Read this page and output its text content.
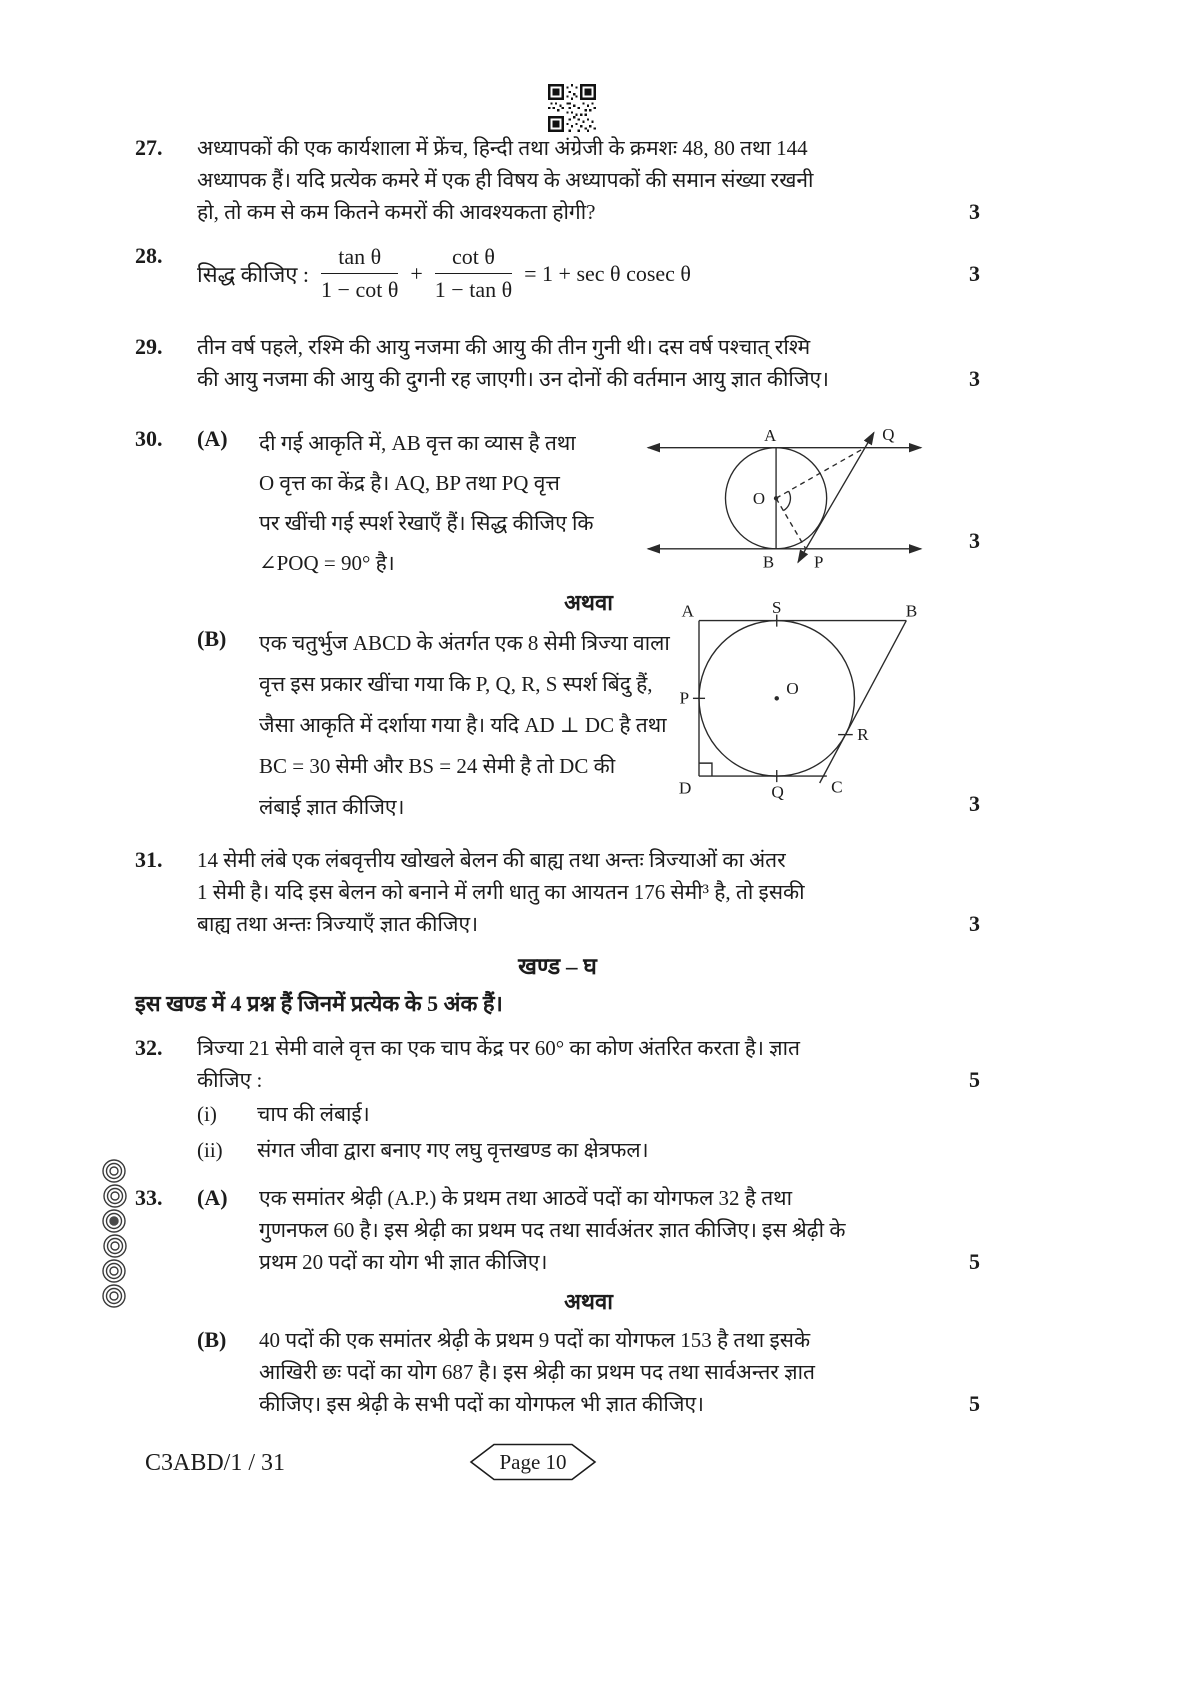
27.	अध्यापकों की एक कार्यशाला में फ्रेंच, हिन्दी तथा अंग्रेजी के क्रमशः 48, 80 तथा 144
अध्यापक हैं। यदि प्रत्येक कमरे में एक ही विषय के अध्यापकों की समान संख्या रखनी
हो, तो कम से कम कितने कमरों की आवश्यकता होगी?	3
28.
सिद्ध कीजिए : $\frac{\text{tan θ}}{\text{1 − cot θ}} + \frac{\text{cot θ}}{\text{1 − tan θ}} = 1 + \sec \theta$ cosec θ	3
29.	तीन वर्ष पहले, रश्मि की आयु नजमा की आयु की तीन गुनी थी। दस वर्ष पश्चात् रश्मि
की आयु नजमा की आयु की दुगनी रह जाएगी। उन दोनों की वर्तमान आयु ज्ञात कीजिए।	3
30.	(A)	दी गई आकृति में, AB वृत्त का व्यास है तथा
O वृत्त का केंद्र है। AQ, BP तथा PQ वृत्त
पर खींची गई स्पर्श रेखाएँ हैं। सिद्ध कीजिए कि
∠POQ = 90° है।
A	Q
O
B P
3
अथवा
(B)	एक चतुर्भुज ABCD के अंतर्गत एक 8 सेमी त्रिज्या वाला
वृत्त इस प्रकार खींचा गया कि P, Q, R, S स्पर्श बिंदु हैं,
जैसा आकृति में दर्शाया गया है। यदि AD ⊥ DC है तथा
BC = 30 सेमी और BS = 24 सेमी है तो DC की
लंबाई ज्ञात कीजिए।
A	S	B
P
O
R
D	Q C
3
31.	14 सेमी लंबे एक लंबवृत्तीय खोखले बेलन की बाह्य तथा अन्तः त्रिज्याओं का अंतर
1 सेमी है। यदि इस बेलन को बनाने में लगी धातु का आयतन 176 सेमी³ है, तो इसकी
बाह्य तथा अन्तः त्रिज्याएँ ज्ञात कीजिए।	3
खण्ड – घ
इस खण्ड में 4 प्रश्न हैं जिनमें प्रत्येक के 5 अंक हैं।
32.	त्रिज्या 21 सेमी वाले वृत्त का एक चाप केंद्र पर 60° का कोण अंतरित करता है। ज्ञात
कीजिए :
(i)	चाप की लंबाई।
(ii)	संगत जीवा द्वारा बनाए गए लघु वृत्तखण्ड का क्षेत्रफल।
5
33.	(A)	एक समांतर श्रेढ़ी (A.P.) के प्रथम तथा आठवें पदों का योगफल 32 है तथा
गुणनफल 60 है। इस श्रेढ़ी का प्रथम पद तथा सार्वअंतर ज्ञात कीजिए। इस श्रेढ़ी के
प्रथम 20 पदों का योग भी ज्ञात कीजिए।	5
अथवा
(B)	40 पदों की एक समांतर श्रेढ़ी के प्रथम 9 पदों का योगफल 153 है तथा इसके
आखिरी छः पदों का योग 687 है। इस श्रेढ़ी का प्रथम पद तथा सार्वअन्तर ज्ञात
कीजिए। इस श्रेढ़ी के सभी पदों का योगफल भी ज्ञात कीजिए।	5
C3ABD/1 / 31	Page 10
